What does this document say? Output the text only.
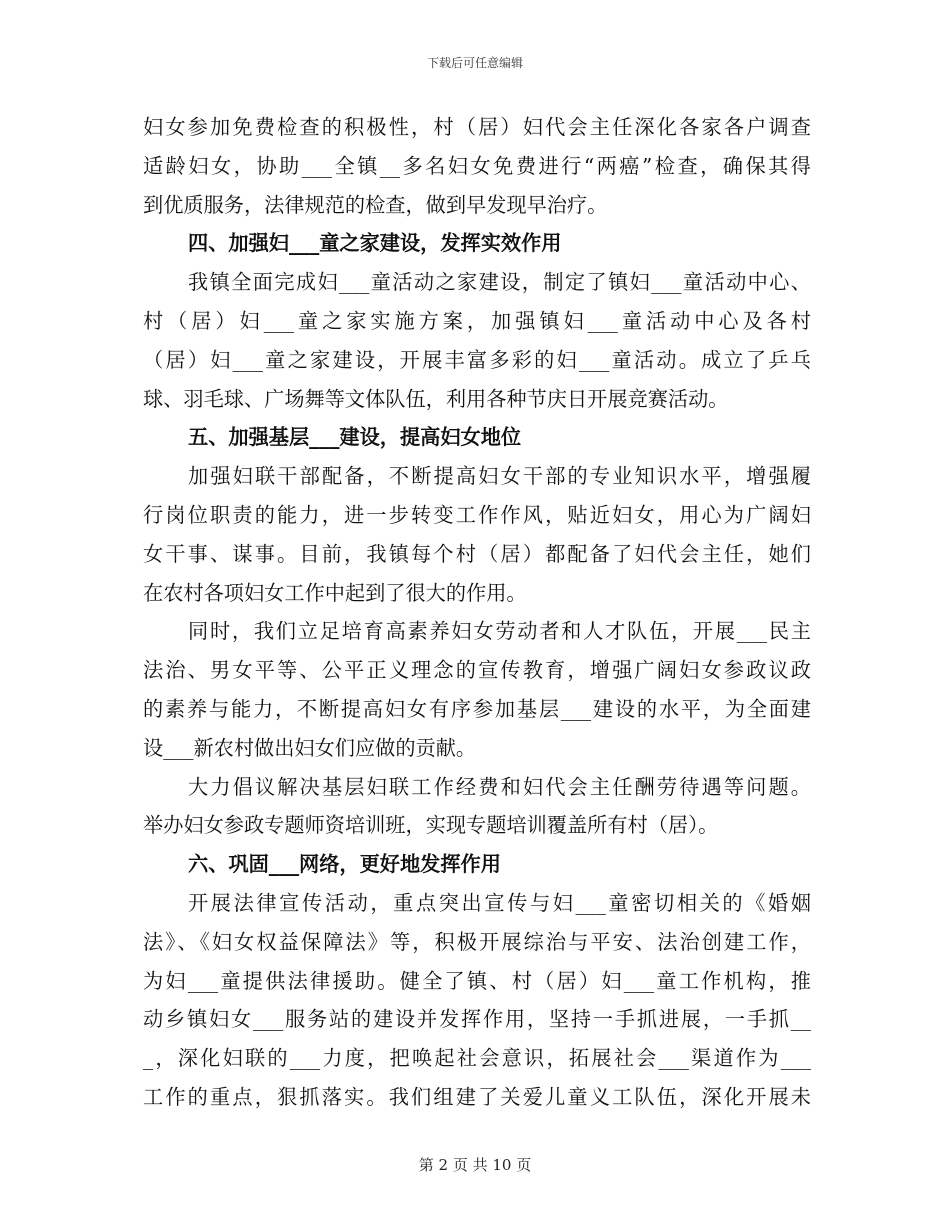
下载后可任意编辑
妇女参加免费检查的积极性，村（居）妇代会主任深化各家各户调查
适龄妇女，协助___全镇__多名妇女免费进行“两癌”检查，确保其得
到优质服务，法律规范的检查，做到早发现早治疗。
四、加强妇___童之家建设，发挥实效作用
我镇全面完成妇___童活动之家建设，制定了镇妇___童活动中心、
村（居）妇___童之家实施方案，加强镇妇___童活动中心及各村
（居）妇___童之家建设，开展丰富多彩的妇___童活动。成立了乒乓
球、羽毛球、广场舞等文体队伍，利用各种节庆日开展竞赛活动。
五、加强基层___建设，提高妇女地位
加强妇联干部配备，不断提高妇女干部的专业知识水平，增强履
行岗位职责的能力，进一步转变工作作风，贴近妇女，用心为广阔妇
女干事、谋事。目前，我镇每个村（居）都配备了妇代会主任，她们
在农村各项妇女工作中起到了很大的作用。
同时，我们立足培育高素养妇女劳动者和人才队伍，开展___民主
法治、男女平等、公平正义理念的宣传教育，增强广阔妇女参政议政
的素养与能力，不断提高妇女有序参加基层___建设的水平，为全面建
设___新农村做出妇女们应做的贡献。
大力倡议解决基层妇联工作经费和妇代会主任酬劳待遇等问题。
举办妇女参政专题师资培训班，实现专题培训覆盖所有村（居）。
六、巩固___网络，更好地发挥作用
开展法律宣传活动，重点突出宣传与妇___童密切相关的《婚姻
法》、《妇女权益保障法》等，积极开展综治与平安、法治创建工作，
为妇___童提供法律援助。健全了镇、村（居）妇___童工作机构，推
动乡镇妇女___服务站的建设并发挥作用，坚持一手抓进展，一手抓__
_，深化妇联的___力度，把唤起社会意识，拓展社会___渠道作为___
工作的重点，狠抓落实。我们组建了关爱儿童义工队伍，深化开展未
第 2 页 共 10 页
